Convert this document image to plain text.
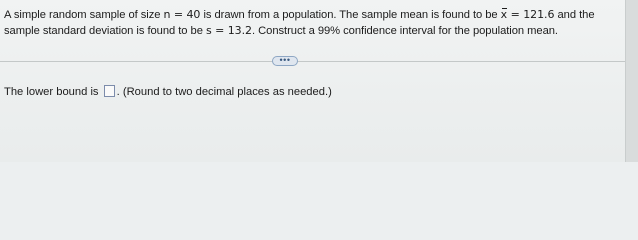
A simple random sample of size n = 40 is drawn from a population. The sample mean is found to be x = 121.6 and the
sample standard deviation is found to be s = 13.2. Construct a 99% confidence interval for the population mean.
•••
The lower bound is . (Round to two decimal places as needed.)
